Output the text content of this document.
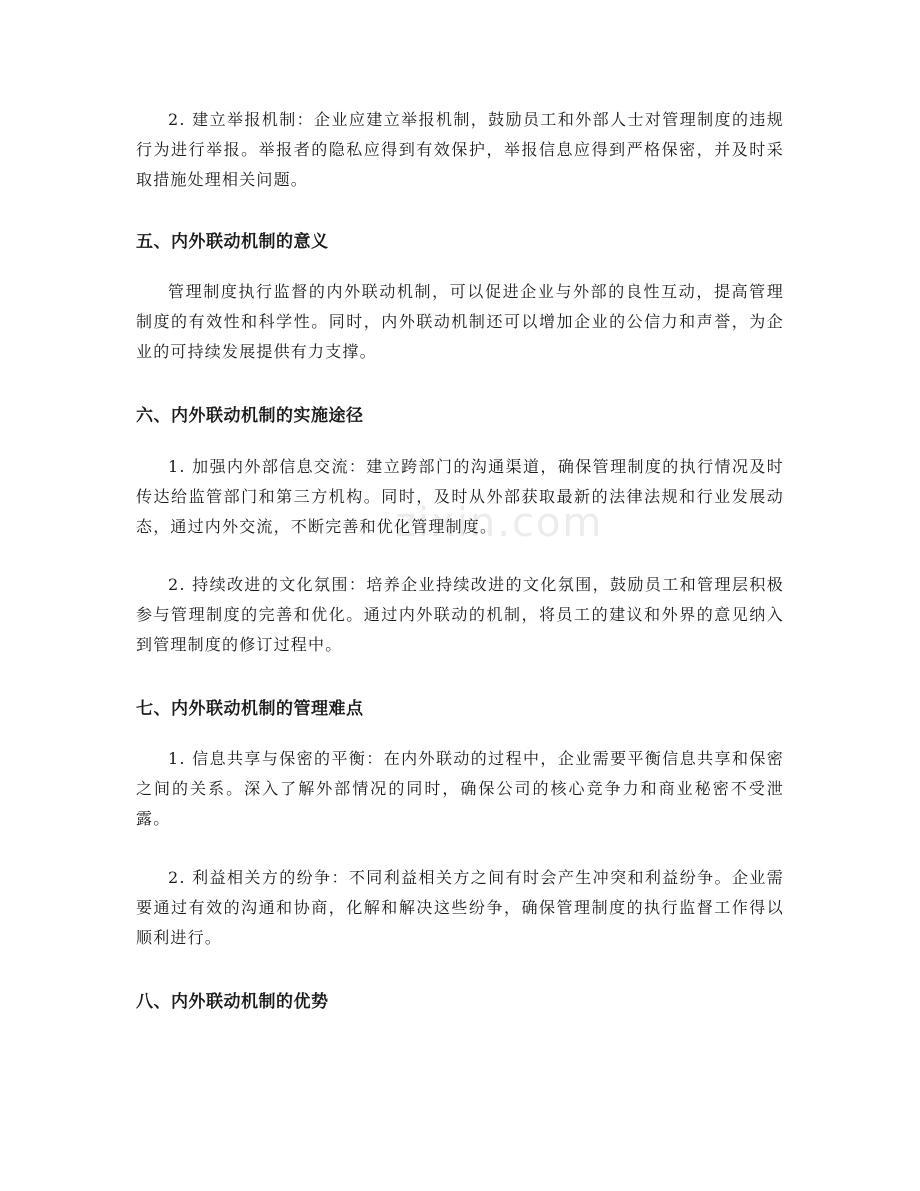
zixin.com

2. 建立举报机制：企业应建立举报机制，鼓励员工和外部人士对管理制度的违规行为进行举报。举报者的隐私应得到有效保护，举报信息应得到严格保密，并及时采取措施处理相关问题。

五、内外联动机制的意义

管理制度执行监督的内外联动机制，可以促进企业与外部的良性互动，提高管理制度的有效性和科学性。同时，内外联动机制还可以增加企业的公信力和声誉，为企业的可持续发展提供有力支撑。

六、内外联动机制的实施途径

1. 加强内外部信息交流：建立跨部门的沟通渠道，确保管理制度的执行情况及时传达给监管部门和第三方机构。同时，及时从外部获取最新的法律法规和行业发展动态，通过内外交流，不断完善和优化管理制度。

2. 持续改进的文化氛围：培养企业持续改进的文化氛围，鼓励员工和管理层积极参与管理制度的完善和优化。通过内外联动的机制，将员工的建议和外界的意见纳入到管理制度的修订过程中。

七、内外联动机制的管理难点

1. 信息共享与保密的平衡：在内外联动的过程中，企业需要平衡信息共享和保密之间的关系。深入了解外部情况的同时，确保公司的核心竞争力和商业秘密不受泄露。

2. 利益相关方的纷争：不同利益相关方之间有时会产生冲突和利益纷争。企业需要通过有效的沟通和协商，化解和解决这些纷争，确保管理制度的执行监督工作得以顺利进行。

八、内外联动机制的优势
